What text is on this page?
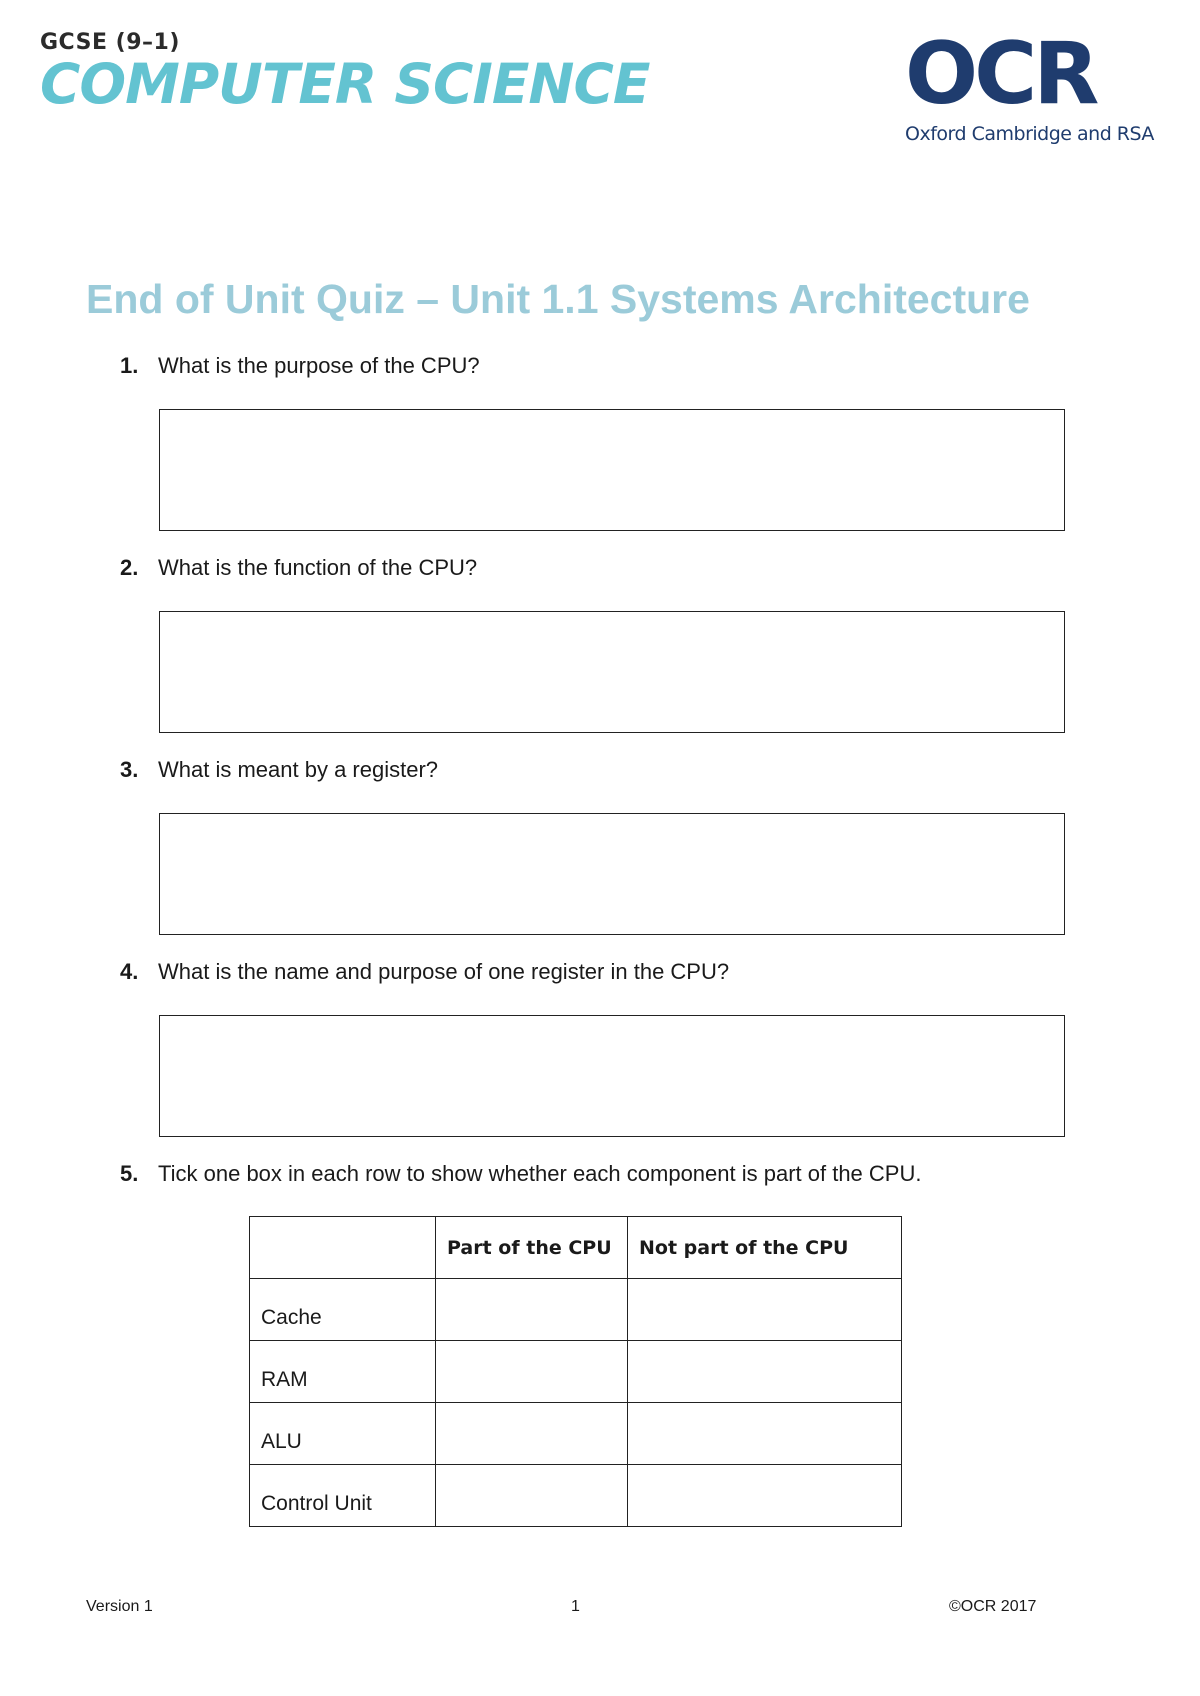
GCSE (9–1)
COMPUTER SCIENCE	OCR
Oxford Cambridge and RSA
End of Unit Quiz – Unit 1.1 Systems Architecture
1. What is the purpose of the CPU?
2. What is the function of the CPU?
3. What is meant by a register?
4. What is the name and purpose of one register in the CPU?
5. Tick one box in each row to show whether each component is part of the CPU.
	Part of the CPU	Not part of the CPU
Cache		
RAM		
ALU		
Control Unit		
Version 1	1	©OCR 2017
